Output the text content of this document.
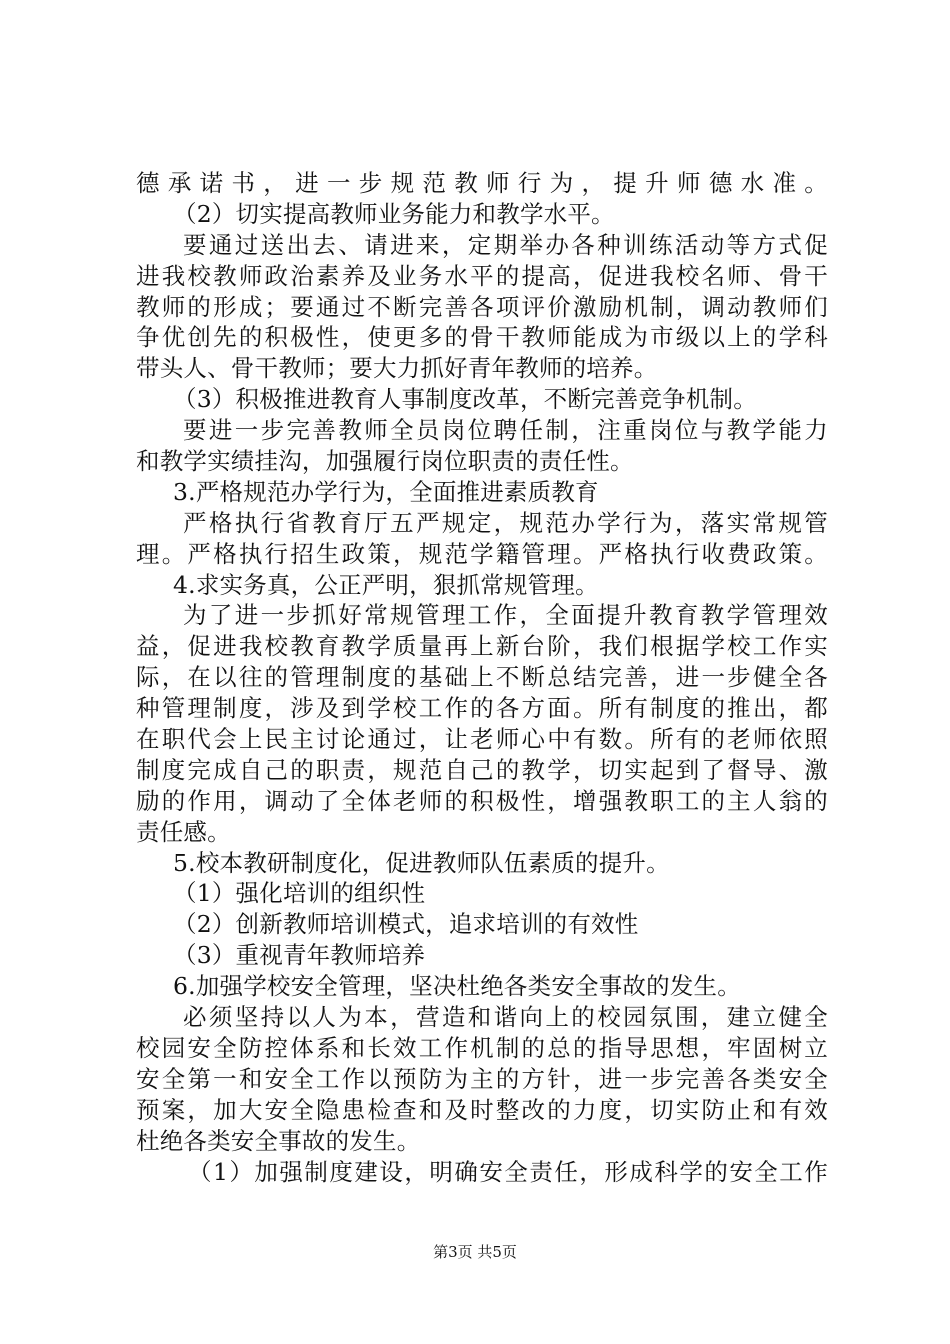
德承诺书，进一步规范教师行为，提升师德水准。
（2）切实提高教师业务能力和教学水平。
要通过送出去、请进来，定期举办各种训练活动等方式促
进我校教师政治素养及业务水平的提高，促进我校名师、骨干
教师的形成；要通过不断完善各项评价激励机制，调动教师们
争优创先的积极性，使更多的骨干教师能成为市级以上的学科
带头人、骨干教师；要大力抓好青年教师的培养。
（3）积极推进教育人事制度改革，不断完善竞争机制。
要进一步完善教师全员岗位聘任制，注重岗位与教学能力
和教学实绩挂沟，加强履行岗位职责的责任性。
3.严格规范办学行为，全面推进素质教育
严格执行省教育厅五严规定，规范办学行为，落实常规管
理。严格执行招生政策，规范学籍管理。严格执行收费政策。
4.求实务真，公正严明，狠抓常规管理。
为了进一步抓好常规管理工作，全面提升教育教学管理效
益，促进我校教育教学质量再上新台阶，我们根据学校工作实
际，在以往的管理制度的基础上不断总结完善，进一步健全各
种管理制度，涉及到学校工作的各方面。所有制度的推出，都
在职代会上民主讨论通过，让老师心中有数。所有的老师依照
制度完成自己的职责，规范自己的教学，切实起到了督导、激
励的作用，调动了全体老师的积极性，增强教职工的主人翁的
责任感。
5.校本教研制度化，促进教师队伍素质的提升。
（1）强化培训的组织性
（2）创新教师培训模式，追求培训的有效性
（3）重视青年教师培养
6.加强学校安全管理，坚决杜绝各类安全事故的发生。
必须坚持以人为本，营造和谐向上的校园氛围，建立健全
校园安全防控体系和长效工作机制的总的指导思想，牢固树立
安全第一和安全工作以预防为主的方针，进一步完善各类安全
预案，加大安全隐患检查和及时整改的力度，切实防止和有效
杜绝各类安全事故的发生。
（1）加强制度建设，明确安全责任，形成科学的安全工作
第3页 共5页
